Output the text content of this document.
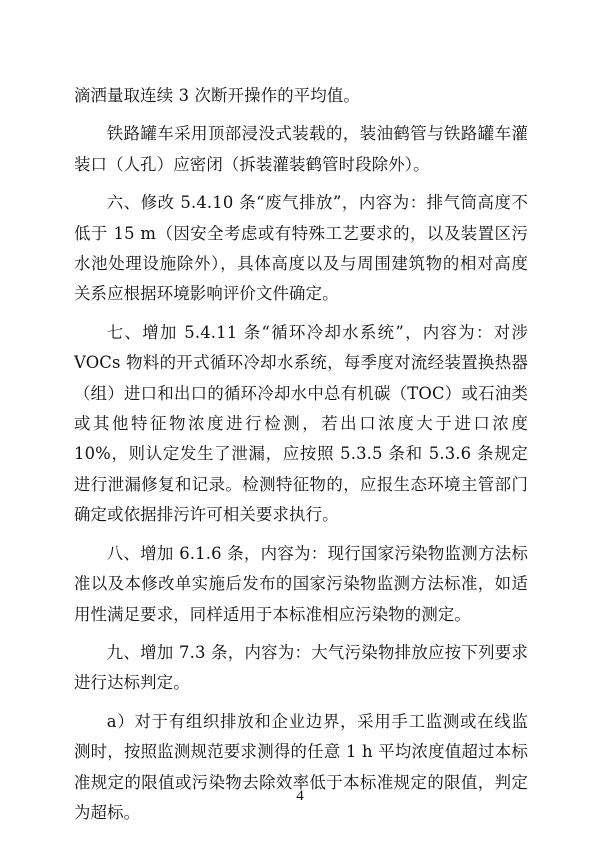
滴洒量取连续 3 次断开操作的平均值。

铁路罐车采用顶部浸没式装载的，装油鹤管与铁路罐车灌装口（人孔）应密闭（拆装灌装鹤管时段除外）。

六、修改 5.4.10 条“废气排放”，内容为：排气筒高度不低于 15 m（因安全考虑或有特殊工艺要求的，以及装置区污水池处理设施除外），具体高度以及与周围建筑物的相对高度关系应根据环境影响评价文件确定。

七、增加 5.4.11 条“循环冷却水系统”，内容为：对涉 VOCs 物料的开式循环冷却水系统，每季度对流经装置换热器（组）进口和出口的循环冷却水中总有机碳（TOC）或石油类或其他特征物浓度进行检测，若出口浓度大于进口浓度 10%，则认定发生了泄漏，应按照 5.3.5 条和 5.3.6 条规定进行泄漏修复和记录。检测特征物的，应报生态环境主管部门确定或依据排污许可相关要求执行。

八、增加 6.1.6 条，内容为：现行国家污染物监测方法标准以及本修改单实施后发布的国家污染物监测方法标准，如适用性满足要求，同样适用于本标准相应污染物的测定。

九、增加 7.3 条，内容为：大气污染物排放应按下列要求进行达标判定。

a）对于有组织排放和企业边界，采用手工监测或在线监测时，按照监测规范要求测得的任意 1 h 平均浓度值超过本标准规定的限值或污染物去除效率低于本标准规定的限值，判定为超标。

4
